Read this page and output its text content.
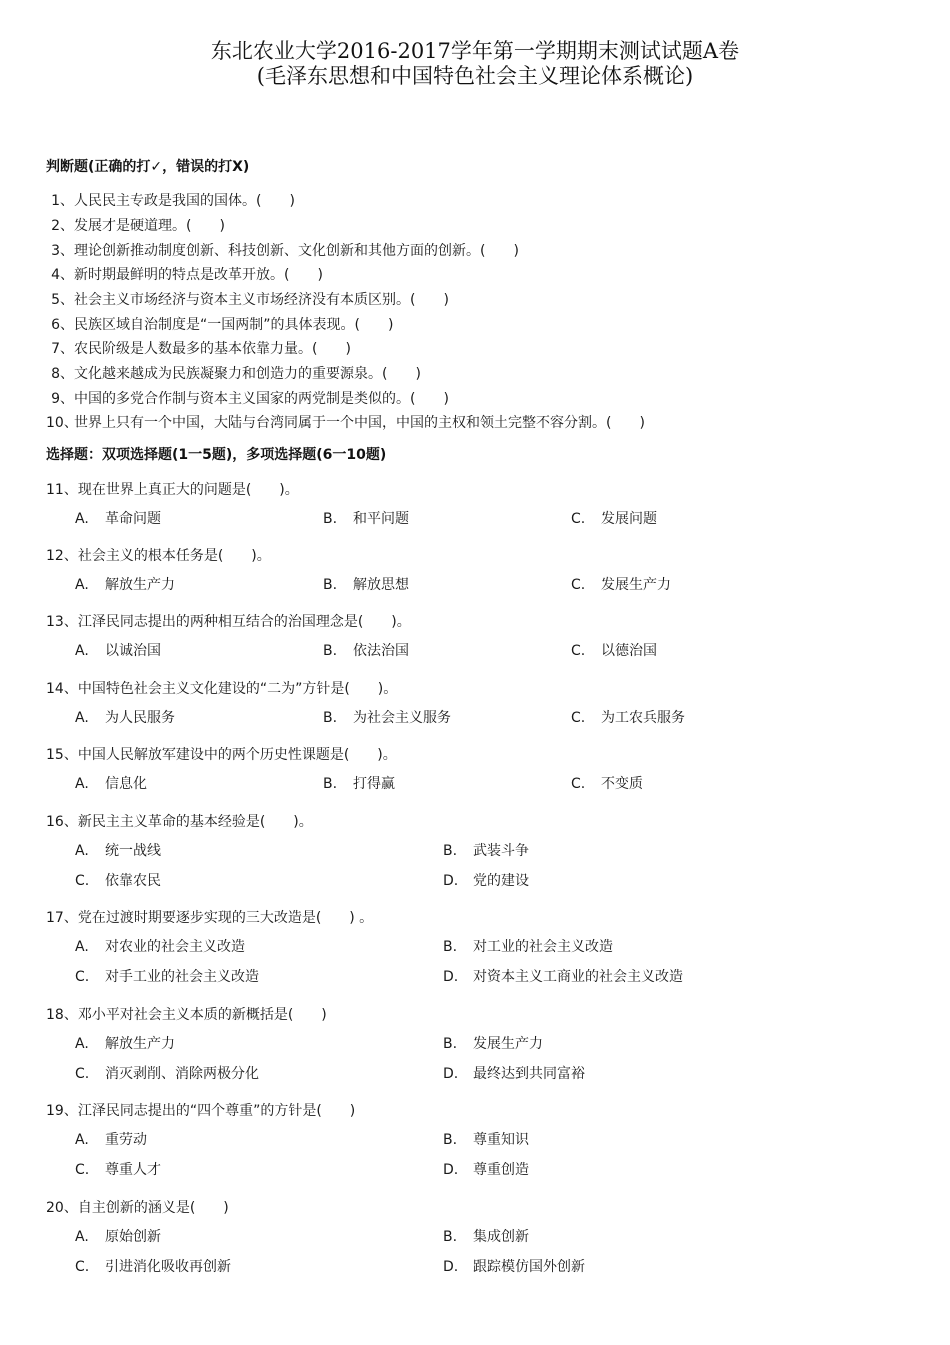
东北农业大学2016-2017学年第一学期期末测试试题A卷
(毛泽东思想和中国特色社会主义理论体系概论)
判断题(正确的打✓，错误的打X)
选择题：双项选择题(1一5题)，多项选择题(6一10题)
1、人民民主专政是我国的国体。(　　)
2、发展才是硬道理。(　　)
3、理论创新推动制度创新、科技创新、文化创新和其他方面的创新。(　　)
4、新时期最鲜明的特点是改革开放。(　　)
5、社会主义市场经济与资本主义市场经济没有本质区别。(　　)
6、民族区域自治制度是“一国两制”的具体表现。(　　)
7、农民阶级是人数最多的基本依靠力量。(　　)
8、文化越来越成为民族凝聚力和创造力的重要源泉。(　　)
9、中国的多党合作制与资本主义国家的两党制是类似的。(　　)
10、世界上只有一个中国，大陆与台湾同属于一个中国，中国的主权和领土完整不容分割。(　　)
11、现在世界上真正大的问题是(　　)。
A. 革命问题	B. 和平问题	C. 发展问题
12、社会主义的根本任务是(　　)。
A. 解放生产力	B. 解放思想	C. 发展生产力
13、江泽民同志提出的两种相互结合的治国理念是(　　)。
A. 以诚治国	B. 依法治国	C. 以德治国
14、中国特色社会主义文化建设的“二为”方针是(　　)。
A. 为人民服务	B. 为社会主义服务	C. 为工农兵服务
15、中国人民解放军建设中的两个历史性课题是(　　)。
A. 信息化	B. 打得赢	C. 不变质
16、新民主主义革命的基本经验是(　　)。
A. 统一战线	B. 武装斗争
C. 依靠农民	D. 党的建设
17、党在过渡时期要逐步实现的三大改造是(　　) 。
A. 对农业的社会主义改造	B. 对工业的社会主义改造
C. 对手工业的社会主义改造	D. 对资本主义工商业的社会主义改造
18、邓小平对社会主义本质的新概括是(　　)
A. 解放生产力	B. 发展生产力
C. 消灭剥削、消除两极分化	D. 最终达到共同富裕
19、江泽民同志提出的“四个尊重”的方针是(　　)
A. 重劳动	B. 尊重知识
C. 尊重人才	D. 尊重创造
20、自主创新的涵义是(　　)
A. 原始创新	B. 集成创新
C. 引进消化吸收再创新	D. 跟踪模仿国外创新
